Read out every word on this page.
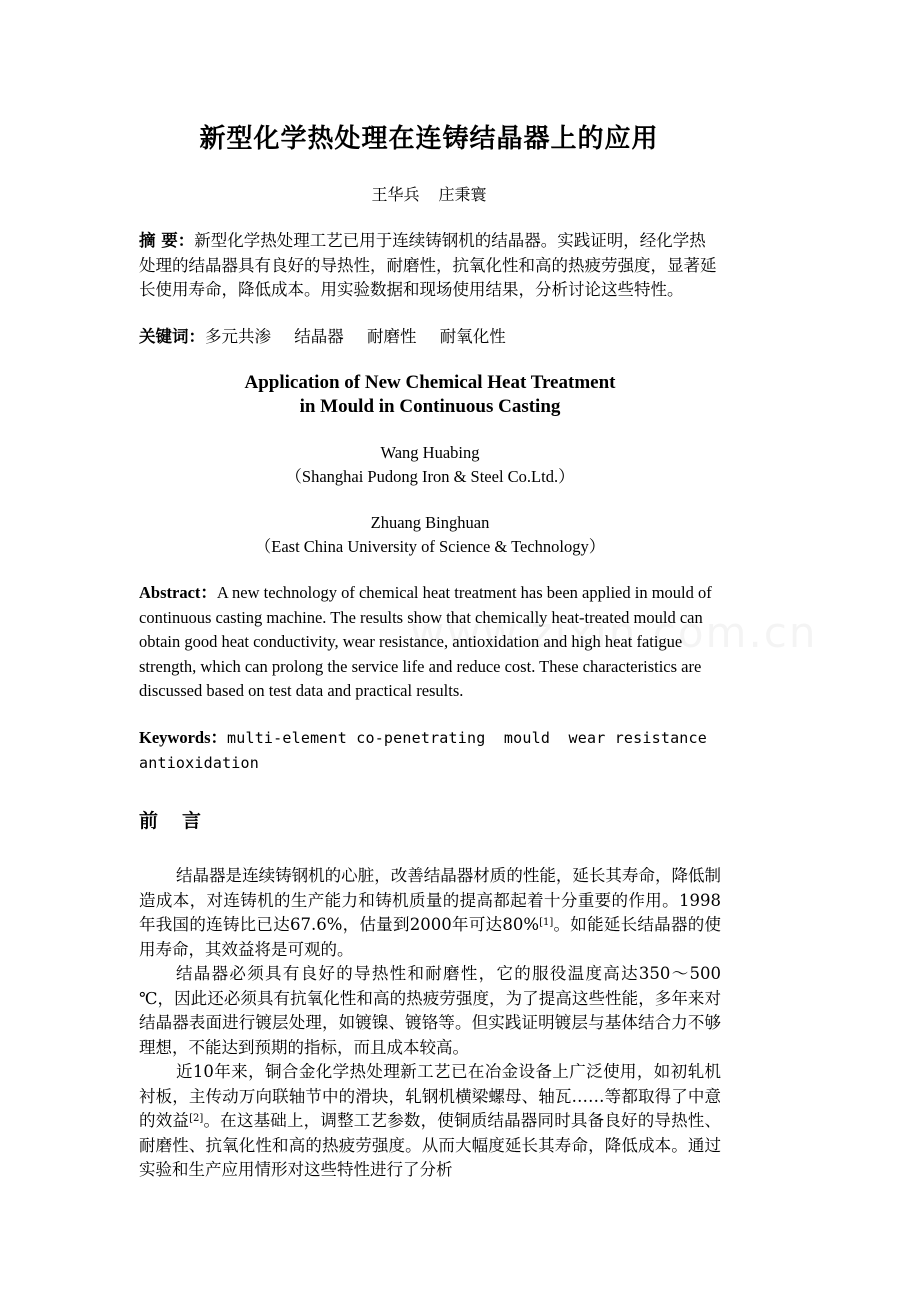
新型化学热处理在连铸结晶器上的应用
王华兵 庄秉寰
摘 要：新型化学热处理工艺已用于连续铸钢机的结晶器。实践证明，经化学热处理的结晶器具有良好的导热性，耐磨性，抗氧化性和高的热疲劳强度，显著延长使用寿命，降低成本。用实验数据和现场使用结果，分析讨论这些特性。
关键词：多元共渗 结晶器 耐磨性 耐氧化性
Application of New Chemical Heat Treatment
in Mould in Continuous Casting
Wang Huabing
（Shanghai Pudong Iron & Steel Co.Ltd.）
Zhuang Binghuan
（East China University of Science & Technology）
Abstract：A new technology of chemical heat treatment has been applied in mould of continuous casting machine. The results show that chemically heat-treated mould can obtain good heat conductivity, wear resistance, antioxidation and high heat fatigue strength, which can prolong the service life and reduce cost. These characteristics are discussed based on test data and practical results.
Keywords：multi-element co-penetrating  mould  wear resistance antioxidation
前言

结晶器是连续铸钢机的心脏，改善结晶器材质的性能，延长其寿命，降低制造成本，对连铸机的生产能力和铸机质量的提高都起着十分重要的作用。1998年我国的连铸比已达67.6%，估量到2000年可达80%[1]。如能延长结晶器的使用寿命，其效益将是可观的。

结晶器必须具有良好的导热性和耐磨性，它的服役温度高达350～500 ℃，因此还必须具有抗氧化性和高的热疲劳强度，为了提高这些性能，多年来对结晶器表面进行镀层处理，如镀镍、镀铬等。但实践证明镀层与基体结合力不够理想，不能达到预期的指标，而且成本较高。

近10年来，铜合金化学热处理新工艺已在冶金设备上广泛使用，如初轧机衬板，主传动万向联轴节中的滑块，轧钢机横梁螺母、轴瓦……等都取得了中意的效益[2]。在这基础上，调整工艺参数，使铜质结晶器同时具备良好的导热性、耐磨性、抗氧化性和高的热疲劳强度。从而大幅度延长其寿命，降低成本。通过实验和生产应用情形对这些特性进行了分析
